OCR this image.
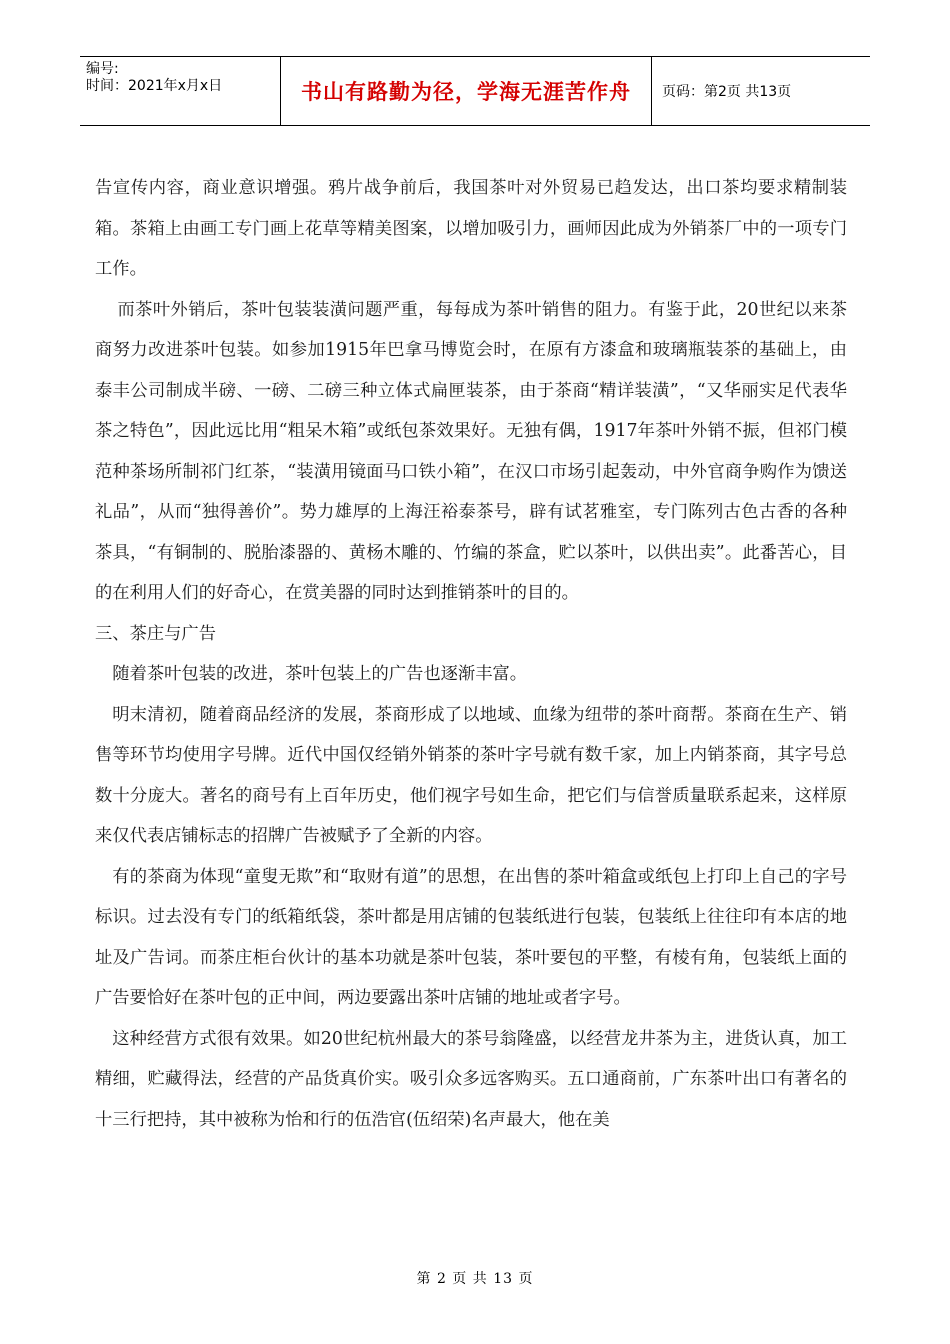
编号:
时间：2021年x月x日	书山有路勤为径，学海无涯苦作舟	页码：第2页 共13页

告宣传内容，商业意识增强。鸦片战争前后，我国茶叶对外贸易已趋发达，出口茶均要求精制装箱。茶箱上由画工专门画上花草等精美图案，以增加吸引力，画师因此成为外销茶厂中的一项专门工作。

而茶叶外销后，茶叶包装装潢问题严重，每每成为茶叶销售的阻力。有鉴于此，20世纪以来茶商努力改进茶叶包装。如参加1915年巴拿马博览会时，在原有方漆盒和玻璃瓶装茶的基础上，由泰丰公司制成半磅、一磅、二磅三种立体式扁匣装茶，由于茶商“精详装潢”，“又华丽实足代表华茶之特色”，因此远比用“粗呆木箱”或纸包茶效果好。无独有偶，1917年茶叶外销不振，但祁门模范种茶场所制祁门红茶，“装潢用镜面马口铁小箱”，在汉口市场引起轰动，中外官商争购作为馈送礼品”，从而“独得善价”。势力雄厚的上海汪裕泰茶号，辟有试茗雅室，专门陈列古色古香的各种茶具，“有铜制的、脱胎漆器的、黄杨木雕的、竹编的茶盒，贮以茶叶，以供出卖”。此番苦心，目的在利用人们的好奇心，在赏美器的同时达到推销茶叶的目的。

三、茶庄与广告

随着茶叶包装的改进，茶叶包装上的广告也逐渐丰富。

明末清初，随着商品经济的发展，茶商形成了以地域、血缘为纽带的茶叶商帮。茶商在生产、销售等环节均使用字号牌。近代中国仅经销外销茶的茶叶字号就有数千家，加上内销茶商，其字号总数十分庞大。著名的商号有上百年历史，他们视字号如生命，把它们与信誉质量联系起来，这样原来仅代表店铺标志的招牌广告被赋予了全新的内容。

有的茶商为体现“童叟无欺”和“取财有道”的思想，在出售的茶叶箱盒或纸包上打印上自己的字号标识。过去没有专门的纸箱纸袋，茶叶都是用店铺的包装纸进行包装，包装纸上往往印有本店的地址及广告词。而茶庄柜台伙计的基本功就是茶叶包装，茶叶要包的平整，有棱有角，包装纸上面的广告要恰好在茶叶包的正中间，两边要露出茶叶店铺的地址或者字号。

这种经营方式很有效果。如20世纪杭州最大的茶号翁隆盛，以经营龙井茶为主，进货认真，加工精细，贮藏得法，经营的产品货真价实。吸引众多远客购买。五口通商前，广东茶叶出口有著名的十三行把持，其中被称为怡和行的伍浩官(伍绍荣)名声最大，他在美

第 2 页 共 13 页
